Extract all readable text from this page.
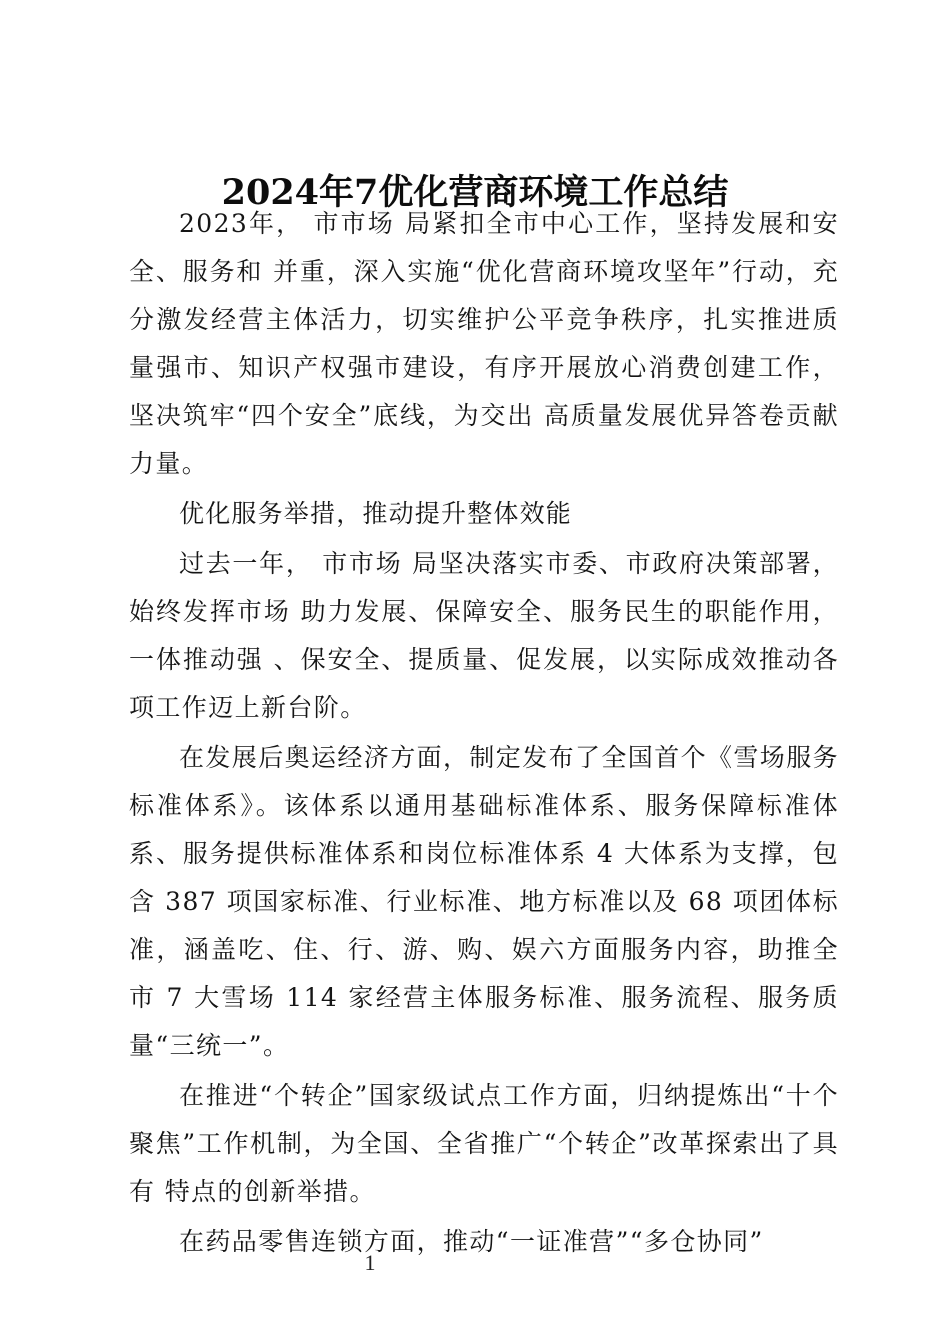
2024年7优化营商环境工作总结

2023年， 市市场 局紧扣全市中心工作，坚持发展和安全、服务和 并重，深入实施“优化营商环境攻坚年”行动，充分激发经营主体活力，切实维护公平竞争秩序，扎实推进质量强市、知识产权强市建设，有序开展放心消费创建工作，坚决筑牢“四个安全”底线，为交出 高质量发展优异答卷贡献力量。

优化服务举措，推动提升整体效能

过去一年， 市市场 局坚决落实市委、市政府决策部署，始终发挥市场 助力发展、保障安全、服务民生的职能作用，一体推动强 、保安全、提质量、促发展，以实际成效推动各项工作迈上新台阶。

在发展后奥运经济方面，制定发布了全国首个《雪场服务标准体系》。该体系以通用基础标准体系、服务保障标准体系、服务提供标准体系和岗位标准体系 4 大体系为支撑，包含 387 项国家标准、行业标准、地方标准以及 68 项团体标准，涵盖吃、住、行、游、购、娱六方面服务内容，助推全市 7 大雪场 114 家经营主体服务标准、服务流程、服务质量“三统一”。

在推进“个转企”国家级试点工作方面，归纳提炼出“十个聚焦”工作机制，为全国、全省推广“个转企”改革探索出了具有 特点的创新举措。

在药品零售连锁方面，推动“一证准营”“多仓协同”

1
